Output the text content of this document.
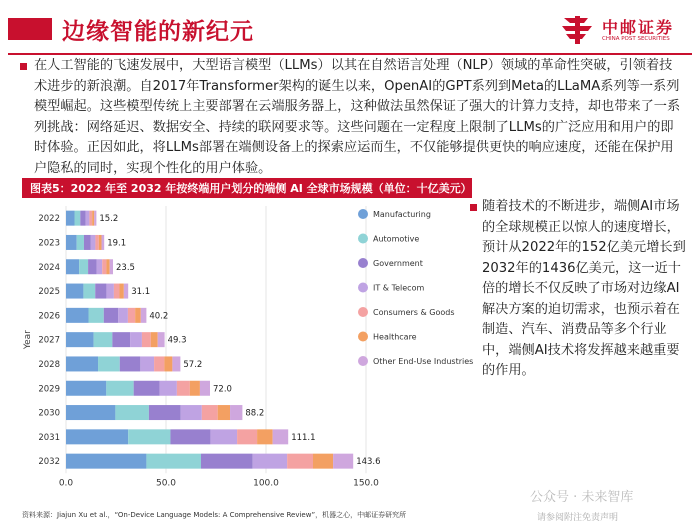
边缘智能的新纪元	中邮证券
CHINA POST SECURITIES
在人工智能的飞速发展中，大型语言模型（LLMs）以其在自然语言处理（NLP）领域的革命性突破，引领着技术进步的新浪潮。自2017年Transformer架构的诞生以来，OpenAI的GPT系列到Meta的LLaMA系列等一系列模型崛起。这些模型传统上主要部署在云端服务器上，这种做法虽然保证了强大的计算力支持，却也带来了一系列挑战：网络延迟、数据安全、持续的联网要求等。这些问题在一定程度上限制了LLMs的广泛应用和用户的即时体验。正因如此，将LLMs部署在端侧设备上的探索应运而生，不仅能够提供更快的响应速度，还能在保护用户隐私的同时，实现个性化的用户体验。
图表5：2022 年至 2032 年按终端用户划分的端侧 AI 全球市场规模（单位：十亿美元）
0.0	50.0	100.0	150.0
Year
2022	15.2
2023	19.1
2024	23.5
2025	31.1
2026	40.2
2027	49.3
2028	57.2
2029	72.0
2030	88.2
2031	111.1
2032	143.6
Manufacturing
Automotive
Government
IT & Telecom
Consumers & Goods
Healthcare
Other End-Use Industries
随着技术的不断进步，端侧AI市场的全球规模正以惊人的速度增长，预计从2022年的152亿美元增长到2032年的1436亿美元，这一近十倍的增长不仅反映了市场对边缘AI解决方案的迫切需求，也预示着在制造、汽车、消费品等多个行业中，端侧AI技术将发挥越来越重要的作用。
资料来源：Jiajun Xu et al.，“On-Device Language Models: A Comprehensive Review”，机器之心，中邮证券研究所
公众号 · 未来智库
请参阅附注免责声明
